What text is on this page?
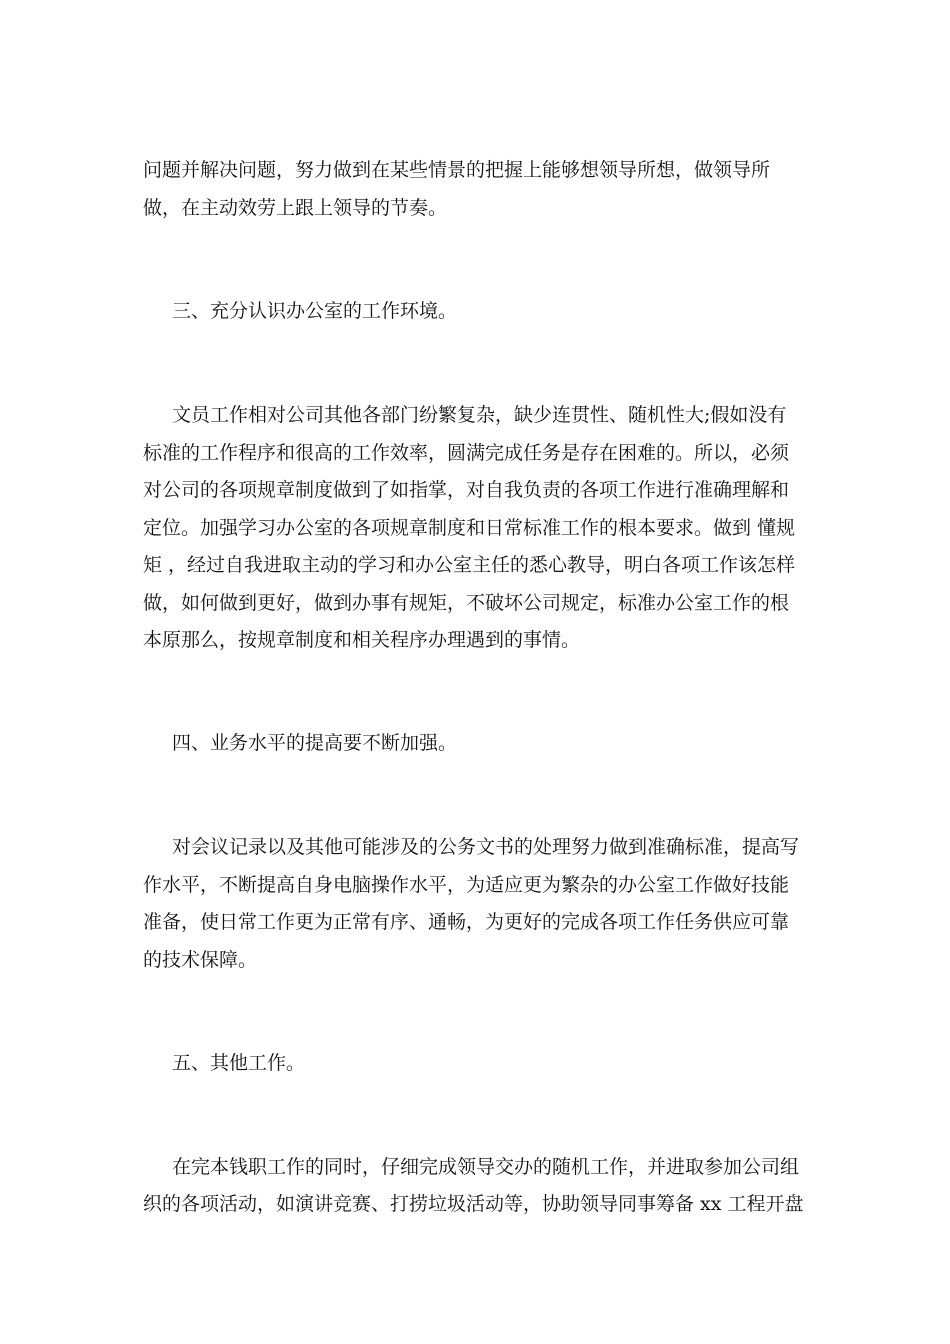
问题并解决问题，努力做到在某些情景的把握上能够想领导所想，做领导所
做，在主动效劳上跟上领导的节奏。
三、充分认识办公室的工作环境。
文员工作相对公司其他各部门纷繁复杂，缺少连贯性、随机性大;假如没有
标准的工作程序和很高的工作效率，圆满完成任务是存在困难的。所以，必须
对公司的各项规章制度做到了如指掌，对自我负责的各项工作进行准确理解和
定位。加强学习办公室的各项规章制度和日常标准工作的根本要求。做到 懂规
矩 ，经过自我进取主动的学习和办公室主任的悉心教导，明白各项工作该怎样
做，如何做到更好，做到办事有规矩，不破坏公司规定，标准办公室工作的根
本原那么，按规章制度和相关程序办理遇到的事情。
四、业务水平的提高要不断加强。
对会议记录以及其他可能涉及的公务文书的处理努力做到准确标准，提高写
作水平，不断提高自身电脑操作水平，为适应更为繁杂的办公室工作做好技能
准备，使日常工作更为正常有序、通畅，为更好的完成各项工作任务供应可靠
的技术保障。
五、其他工作。
在完本钱职工作的同时，仔细完成领导交办的随机工作，并进取参加公司组
织的各项活动，如演讲竞赛、打捞垃圾活动等，协助领导同事筹备 xx 工程开盘
